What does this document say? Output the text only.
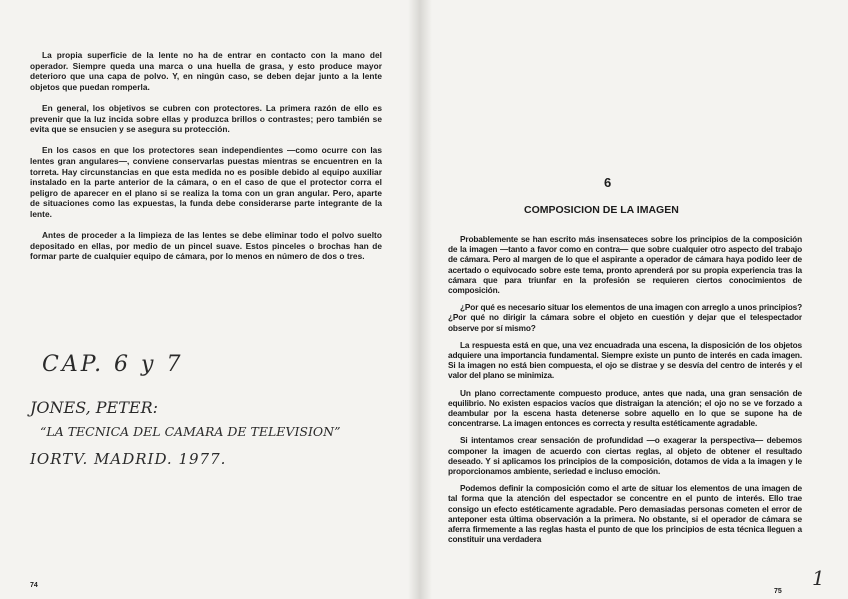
La propia superficie de la lente no ha de entrar en contacto con la mano del operador. Siempre queda una marca o una huella de grasa, y esto produce mayor deterioro que una capa de polvo. Y, en ningún caso, se deben dejar junto a la lente objetos que puedan romperla.

En general, los objetivos se cubren con protectores. La primera razón de ello es prevenir que la luz incida sobre ellas y produzca brillos o contrastes; pero también se evita que se ensucien y se asegura su protección.

En los casos en que los protectores sean independientes —como ocurre con las lentes gran angulares—, conviene conservarlas puestas mientras se encuentren en la torreta. Hay circunstancias en que esta medida no es posible debido al equipo auxiliar instalado en la parte anterior de la cámara, o en el caso de que el protector corra el peligro de aparecer en el plano si se realiza la toma con un gran angular. Pero, aparte de situaciones como las expuestas, la funda debe considerarse parte integrante de la lente.

Antes de proceder a la limpieza de las lentes se debe eliminar todo el polvo suelto depositado en ellas, por medio de un pincel suave. Estos pinceles o brochas han de formar parte de cualquier equipo de cámara, por lo menos en número de dos o tres.

CAP. 6 y 7
JONES, PETER:
“LA TECNICA DEL CAMARA DE TELEVISION”
IORTV. MADRID. 1977.
74
6
COMPOSICION DE LA IMAGEN

Probablemente se han escrito más insensateces sobre los principios de la composición de la imagen —tanto a favor como en contra— que sobre cualquier otro aspecto del trabajo de cámara. Pero al margen de lo que el aspirante a operador de cámara haya podido leer de acertado o equivocado sobre este tema, pronto aprenderá por su propia experiencia tras la cámara que para triunfar en la profesión se requieren ciertos conocimientos de composición.

¿Por qué es necesario situar los elementos de una imagen con arreglo a unos principios? ¿Por qué no dirigir la cámara sobre el objeto en cuestión y dejar que el telespectador observe por sí mismo?

La respuesta está en que, una vez encuadrada una escena, la disposición de los objetos adquiere una importancia fundamental. Siempre existe un punto de interés en cada imagen. Si la imagen no está bien compuesta, el ojo se distrae y se desvía del centro de interés y el valor del plano se minimiza.

Un plano correctamente compuesto produce, antes que nada, una gran sensación de equilibrio. No existen espacios vacíos que distraigan la atención; el ojo no se ve forzado a deambular por la escena hasta detenerse sobre aquello en lo que se supone ha de concentrarse. La imagen entonces es correcta y resulta estéticamente agradable.

Si intentamos crear sensación de profundidad —o exagerar la perspectiva— debemos componer la imagen de acuerdo con ciertas reglas, al objeto de obtener el resultado deseado. Y si aplicamos los principios de la composición, dotamos de vida a la imagen y le proporcionamos ambiente, seriedad e incluso emoción.

Podemos definir la composición como el arte de situar los elementos de una imagen de tal forma que la atención del espectador se concentre en el punto de interés. Ello trae consigo un efecto estéticamente agradable. Pero demasiadas personas cometen el error de anteponer esta última observación a la primera. No obstante, si el operador de cámara se aferra firmemente a las reglas hasta el punto de que los principios de esta técnica lleguen a constituir una verdadera

75
1
